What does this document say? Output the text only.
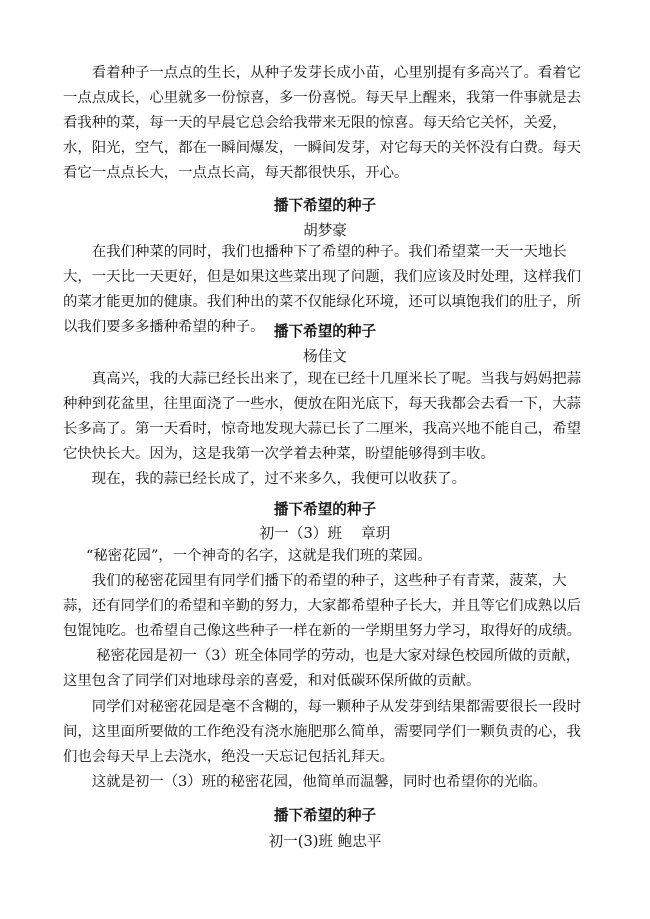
看着种子一点点的生长，从种子发芽长成小苗，心里别提有多高兴了。看着它一点点成长，心里就多一份惊喜，多一份喜悦。每天早上醒来，我第一件事就是去看我种的菜，每一天的早晨它总会给我带来无限的惊喜。每天给它关怀，关爱，水，阳光，空气，都在一瞬间爆发，一瞬间发芽，对它每天的关怀没有白费。每天看它一点点长大，一点点长高，每天都很快乐，开心。

播下希望的种子
胡梦豪

在我们种菜的同时，我们也播种下了希望的种子。我们希望菜一天一天地长大，一天比一天更好，但是如果这些菜出现了问题，我们应该及时处理，这样我们的菜才能更加的健康。我们种出的菜不仅能绿化环境，还可以填饱我们的肚子，所以我们要多多播种希望的种子。 播下希望的种子
杨佳文

真高兴，我的大蒜已经长出来了，现在已经十几厘米长了呢。当我与妈妈把蒜种种到花盆里，往里面浇了一些水，便放在阳光底下，每天我都会去看一下，大蒜长多高了。第一天看时，惊奇地发现大蒜已长了二厘米，我高兴地不能自己，希望它快快长大。因为，这是我第一次学着去种菜，盼望能够得到丰收。

现在，我的蒜已经长成了，过不来多久，我便可以收获了。

播下希望的种子
初一（3）班　 章玥

“秘密花园”，一个神奇的名字，这就是我们班的菜园。

我们的秘密花园里有同学们播下的希望的种子，这些种子有青菜，菠菜，大蒜，还有同学们的希望和辛勤的努力，大家都希望种子长大，并且等它们成熟以后包馄饨吃。也希望自己像这些种子一样在新的一学期里努力学习，取得好的成绩。

秘密花园是初一（3）班全体同学的劳动，也是大家对绿色校园所做的贡献，这里包含了同学们对地球母亲的喜爱，和对低碳环保所做的贡献。

同学们对秘密花园是毫不含糊的，每一颗种子从发芽到结果都需要很长一段时间，这里面所要做的工作绝没有浇水施肥那么简单，需要同学们一颗负责的心，我们也会每天早上去浇水，绝没一天忘记包括礼拜天。

这就是初一（3）班的秘密花园，他简单而温馨，同时也希望你的光临。

播下希望的种子
初一(3)班 鲍忠平
